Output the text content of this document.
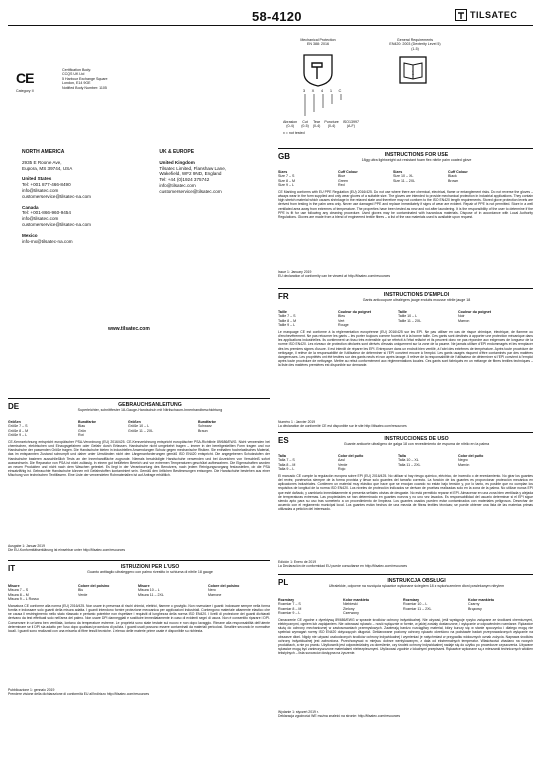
58-4120	TILSATEC
CE
Category II
Certification Body:
CCQS UK Ltd
5 Harbour Exchange Square
London, E14 9GE
Notified Body Number: 1105
Mechanical Protection
EN 388: 2016
General Requirements
EN420: 2003 (Dexterity Level 5)
(1-5)
i
3	X	4	1	C
Abrasion
(0-4)
Cut
(0-5)
Tear
(0-4)
Puncture
(0-4)
ISO13997
(A-F)
x = not tested
NORTH AMERICA
2935 E Roone Ave,
Eupora, MS 39744, USA
United States
Tel: +001 877-466-8490
info@tilsatec.com
customerservice@tilsatec-na.com
Canada
Tel: +001-866-960-9454
info@tilsatec.com
customerservice@tilsatec-na.com
Mexico
info-mx@tilsatec-na.com
UK & EUROPE
United Kingdom
Tilsatec Limited, Flanshaw Lane,
Wakefield, WF2 9ND, England
Tel: +44 (0)1924 375742
info@tilsatec.com
customerservice@tilsatec.com
www.tilsatec.com
GB	INSTRUCTIONS FOR USE
18gg ultra lightweight cut resistant foam flex nitrile palm coated glove
Sizes	Cuff Colour	Sizes	Cuff Colour
Size 7 – S	Blue	Size 10 – XL	Black
Size 8 – M	Green	Size 11 – 2XL	Brown
Size 9 – L	Red
CE Marking conforms with EU PPE Regulation (EU) 2016/425. Do not use where there are chemical, electrical, flame or entanglement risks. Do not reverse the gloves – always wear in the form supplied and only wear gloves of a suitable size. The gloves are intended to provide mechanical protection in industrial applications. They contain high stretch material which causes shrinkage in the relaxed state and therefore may not conform to the ISO EN420 length requirements. Stored glove protection levels are derived from testing in the palm area only. Never use damaged PPE and replace immediately if signs of wear are evident. Repair of PPE is not permitted. Store in a well ventilated area away from extremes of temperature. The properties have been tested as new and not after laundering. It is the responsibility of the user to determine if the PPE is fit for use following any cleaning procedure. Used gloves may be contaminated with hazardous materials. Dispose of in accordance with Local Authority Regulations. Gloves are made from a blend of engineered textile fibres – a list of the raw materials used is available upon request.
Issue 1: January 2019
EU declaration of conformity can be viewed at http://tilsatec.com/resources
FR	INSTRUCTIONS D'EMPLOI
Gants anticoupure ultralégers jauge enduits mousse nitrile jauge 18
Taille	Couleur du poignet	Taille	Couleur du poignet
Taille 7 – S	Bleu	Taille 10 – L	Noir
Taille 8 – M	Vert	Taille 11 – 2XL	Marron
Taille 9 – L	Rouge
Le marquage CE est conforme à la réglementation européenne (EU) 2016/425 sur les EPI. Ne pas utiliser en cas de risque chimique, électrique, de flamme ou d'enchevêtrement. Ne pas retourner les gants – les porter toujours comme fournis et à la bonne taille. Ces gants sont destinés à apporter une protection mécanique dans les applications industrielles. Ils contiennent un tissu très extensible qui se rétrécit à l'état relâché et ils peuvent donc ne pas répondre aux exigences de longueur de la norme ISO EN420. Les niveaux de protection déclarés sont dérivés d'essais uniquement sur la zone de la paume. Ne jamais utiliser d'EPI endommagés et les remplacer dès les premiers signes d'usure. Il est interdit de réparer les EPI. Entreposer dans un endroit bien ventilé, à l'abri des extrêmes de température. Après toute procédure de nettoyage, il relève de la responsabilité de l'utilisateur de déterminer si l'EPI convient encore à l'emploi. Les gants usagés risquent d'être contaminés par des matières dangereuses. Les propriétés ont été testées sur des gants neufs et non après lavage. Il relève de la responsabilité de l'utilisateur de déterminer si l'EPI convient à l'emploi après toute procédure de nettoyage. Mettre au rebut conformément aux réglementations locales. Ces gants sont fabriqués en un mélange de fibres textiles techniques – la liste des matières premières est disponible sur demande.
Numéro 1 : Janvier 2019
La déclaration de conformité CE est disponible sur le site http://tilsatec.com/resources
ES	INSTRUCCIONES DE USO
Guante anticorte ultraligero de galga 18 con revestimiento de espuma de nitrilo en la palma
Talla	Color del puño	Talla	Color del puño
Talla 7 – S	Azul	Talla 10 – XL	Negro
Talla 8 – M	Verde	Talla 11 – 2XL	Marrón
Talla 9 – L	Rojo
El marcado CE cumple la regulación europea sobre EPI (EU) 2016/425. No utilizar si hay riesgo químico, eléctrico, de incendio o de enredamiento. No girar los guantes del revés; ponérselos siempre de la forma provista y llevar solo guantes del tamaño correcto. La función de los guantes es proporcionar protección mecánica en aplicaciones industriales. Contienen un material muy elástico que hace que se encojan cuando no están bajo tensión y, por lo tanto, es posible que no cumplan los requisitos de longitud de la norma ISO EN420. Los niveles de protección indicados se derivan de pruebas realizadas solo en la zona de la palma. No utilizar nunca EPI que esté dañado, y cambiarlo inmediatamente si presenta señales obvias de desgaste. No está permitido reparar el EPI. Almacenar en una zona bien ventilada y alejada de temperaturas extremas. Las propiedades se han determinado en guantes nuevos y no uno vez lavados. Es responsabilidad del usuario determinar si el EPI sigue siendo apto para su uso tras someterlo a un procedimiento de limpieza. Los guantes usados pueden estar contaminados con materiales peligrosos. Desechar de acuerdo con el reglamento municipal local. Los guantes están hechos de una mezcla de fibras textiles técnicas; se puede obtener una lista de las materias primas utilizadas a petición del interesado.
Edición 1: Enero de 2019
La Declaración de conformidad EU puede consultarse en http://tilsatec.com/resources
DE	GEBRAUCHSANLEITUNG
Superleichter, schnittfester 18-Gauge-Handschuh mit Nitrilschaum-Innenhandbeschichtung
Größen	Bundfarbe	Größen	Bundfarbe
Größe 7 – S	Blau	Größe 10 – L	Schwarz
Größe 8 – M	Grün	Größe 11 – 2XL	Braun
Größe 9 – L	Rot
CE-Kennzeichnung entspricht europäischer PSA-Verordnung (EU) 2016/425. CE-Kennzeichnung entspricht europäischer PSA-Richtlinie 89/686/EWG. Nicht verwenden bei chemischen, elektrischen und Einzugsgefahren oder Gefahr durch Erfassen. Handschuhe nicht umgekehrt tragen – immer in der bereitgestellten Form tragen und nur Handschuhe der passenden Größe tragen. Die Handschuhe bieten in industriellen Anwendungen Schutz gegen mechanische Risiken. Sie enthalten hochelastisches Material, das im entspannten Zustand schrumpft und daher unter Umständen nicht den Längenanforderungen gemäß ISO EN420 entspricht. Die angegebenen Schutzstufen der Handschuhe basieren ausschließlich Tests an der Innenhandfläche zugrunde. Niemals beschädigte Handschuhe verwenden und bei Anzeichen von Verschleiß sofort auswechseln. Die Reparatur von PSA ist nicht zulässig. In einem gut belüfteten Bereich und vor extremen Temperaturen geschützt aufbewahren. Die Eigenschaften wurden an neuen Produkten und nicht nach dem Waschen getestet. Es liegt in der Verantwortung des Benutzers, nach jedem Reinigungsvorgang festzustellen, ob die PSA einsatzfähig ist. Gebrauchte Handschuhe können mit Gefahrstoffen kontaminiert sein. Gemäß den örtlichen Bestimmungen entsorgen. Die Handschuhe bestehen aus einer Mischung von technischen Textilfasern. Eine Liste der verwendeten Rohmaterialien ist auf Anfrage erhältlich.
Ausgabe 1: Januar 2019
Die EU-Konformitätserklärung ist einsehbar unter http://tilsatec.com/resources
IT	ISTRUZIONI PER L'USO
Guanto antitaglio ultraleggero con palmo rivestito in schiuma di nitrile 18 gauge
Misure	Colore del polsino	Misure	Colore del polsino
Misura 7 – S	Blu	Misura 10 – L	Nero
Misura 8 – M	Verde	Misura 11 – 2XL	Marrone
Misura 9 – L Rosso
Marcatura CE conforme alla norma (EU) 2016/425. Non usare in presenza di rischi chimici, elettrici, fiamme o groviglio. Non rovesciare i guanti: indossare sempre nella forma fornita e indossare solo guanti della misura adatta. I guanti intendono fornire protezione meccanica per applicazioni industriali. Contengono materiale altamente elastico che ne causa il restringimento nello stato rilassato e pertanto potrebbe non rispettare i requisiti di lunghezza della norma ISO EN420. I livelli di protezione dei guanti dichiarati derivano da test effettuati solo nell'area del palmo. Non usare DPI danneggiati e sostituire immediatamente in caso di evidenti segni di usura. Non è consentito riparare i DPI. Conservare in un'area ben ventilata, lontano da temperature estreme. Le proprietà sono state testate sul nuovo e non dopo lavaggio. Rimane alla responsabilità dell'utente determinare se il DPI sia adatto per l'uso dopo qualsiasi procedura di pulizia. I guanti usati possono essere contaminati da materiali pericolosi. Smaltire secondo le normative locali. I guanti sono realizzati con una miscela di fibre tessili tecniche. L'elenco delle materie prime usate è disponibile su richiesta.
Pubblicazione 1: gennaio 2019
Prendere visione della dichiarazione di conformità EU all'indirizzo http://tilsatec.com/resources
PL	INSTRUKCJA OBSŁUGI
Ultralekkie, odporne na rozcięcia rękawice wykonane ściegiem 18 z wykończeniem dłoni powlekanym nitrylem
Rozmiary	Kolor mankietu	Rozmiary	Kolor mankietu
Rozmiar 7 – S	Niebieski	Rozmiar 10 – L	Czarny
Rozmiar 8 – M	Zielony	Rozmiar 11 – 2XL	Brązowy
Rozmiar 9 – L	Czerwony
Oznaczenie CE zgodne z dyrektywą 89/686/EWG w sprawie środków ochrony indywidualnej. Nie używać, jeśli występuje ryzyko związane ze środkami chemicznymi, elektrycznymi, ogniem lub zaplątaniem. Nie odwracać rękawic – nosić wyłącznie w formie, w jakiej zostały dostarczone, i wyłącznie w odpowiednim rozmiarze. Rękawice służą do ochrony mechanicznej w zastosowaniach przemysłowych. Zawierają bardzo rozciągliwy materiał, który kurczy się w stanie spoczynku i dlatego mogą nie spełniać wymagań normy ISO EN420 dotyczących długości. Deklarowane poziomy ochrony rękawic określono na podstawie badań przeprowadzonych wyłącznie na obszarze dłoni. Nigdy nie używać uszkodzonych środków ochrony indywidualnej i wymieniać je natychmiast w przypadku widocznych oznak zużycia. Naprawa środków ochrony indywidualnej jest zabroniona. Przechowywać w miejscu dobrze wentylowanym, z dala od ekstremalnych temperatur. Właściwości zbadano na nowych produktach, a nie po praniu. Użytkownik jest odpowiedzialny za określenie, czy środek ochrony indywidualnej nadaje się do użytku po procedurze czyszczenia. Używane rękawice mogą być zanieczyszczone materiałami niebezpiecznymi. Utylizować zgodnie z lokalnymi przepisami. Rękawice wykonane są z mieszanki technicznych włókien tekstylnych – lista surowców dostępna na życzenie.
Wydanie 1: styczeń 2019 r.
Deklaracja zgodności WE można znaleźć na stronie: http://tilsatec.com/resources
